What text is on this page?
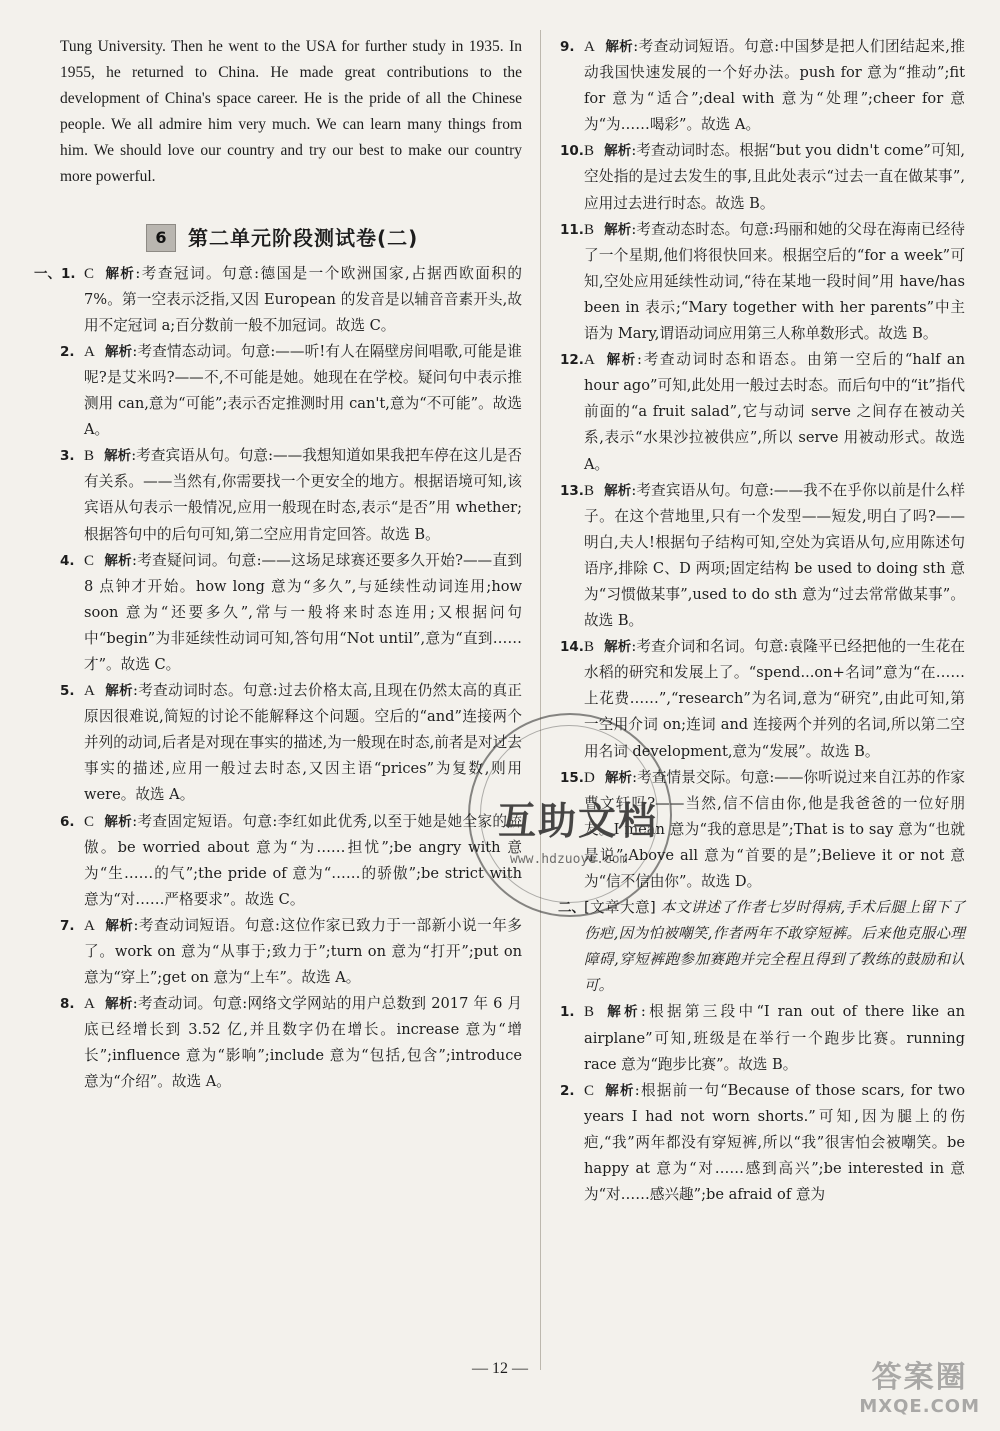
Tung University. Then he went to the USA for further study in 1935. In 1955, he returned to China. He made great contributions to the development of China's space career. He is the pride of all the Chinese people. We all admire him very much. We can learn many things from him. We should love our country and try our best to make our country more powerful.

6	第二单元阶段测试卷(二)

一、1. C 解析:考查冠词。句意:德国是一个欧洲国家,占据西欧面积的 7%。第一空表示泛指,又因 European 的发音是以辅音音素开头,故用不定冠词 a;百分数前一般不加冠词。故选 C。

2. A 解析:考查情态动词。句意:——听!有人在隔壁房间唱歌,可能是谁呢?是艾米吗?——不,不可能是她。她现在在学校。疑问句中表示推测用 can,意为“可能”;表示否定推测时用 can't,意为“不可能”。故选 A。

3. B 解析:考查宾语从句。句意:——我想知道如果我把车停在这儿是否有关系。——当然有,你需要找一个更安全的地方。根据语境可知,该宾语从句表示一般情况,应用一般现在时态,表示“是否”用 whether;根据答句中的后句可知,第二空应用肯定回答。故选 B。

4. C 解析:考查疑问词。句意:——这场足球赛还要多久开始?——直到 8 点钟才开始。how long 意为“多久”,与延续性动词连用;how soon 意为“还要多久”,常与一般将来时态连用;又根据问句中“begin”为非延续性动词可知,答句用“Not until”,意为“直到……才”。故选 C。

5. A 解析:考查动词时态。句意:过去价格太高,且现在仍然太高的真正原因很难说,简短的讨论不能解释这个问题。空后的“and”连接两个并列的动词,后者是对现在事实的描述,为一般现在时态,前者是对过去事实的描述,应用一般过去时态,又因主语“prices”为复数,则用 were。故选 A。

6. C 解析:考查固定短语。句意:李红如此优秀,以至于她是她全家的骄傲。be worried about 意为“为……担忧”;be angry with 意为“生……的气”;the pride of 意为“……的骄傲”;be strict with 意为“对……严格要求”。故选 C。

7. A 解析:考查动词短语。句意:这位作家已致力于一部新小说一年多了。work on 意为“从事于;致力于”;turn on 意为“打开”;put on 意为“穿上”;get on 意为“上车”。故选 A。

8. A 解析:考查动词。句意:网络文学网站的用户总数到 2017 年 6 月底已经增长到 3.52 亿,并且数字仍在增长。increase 意为“增长”;influence 意为“影响”;include 意为“包括,包含”;introduce 意为“介绍”。故选 A。

9. A 解析:考查动词短语。句意:中国梦是把人们团结起来,推动我国快速发展的一个好办法。push for 意为“推动”;fit for 意为“适合”;deal with 意为“处理”;cheer for 意为“为……喝彩”。故选 A。

10. B 解析:考查动词时态。根据“but you didn't come”可知,空处指的是过去发生的事,且此处表示“过去一直在做某事”,应用过去进行时态。故选 B。

11. B 解析:考查动态时态。句意:玛丽和她的父母在海南已经待了一个星期,他们将很快回来。根据空后的“for a week”可知,空处应用延续性动词,“待在某地一段时间”用 have/has been in 表示;“Mary together with her parents”中主语为 Mary,谓语动词应用第三人称单数形式。故选 B。

12. A 解析:考查动词时态和语态。由第一空后的“half an hour ago”可知,此处用一般过去时态。而后句中的“it”指代前面的“a fruit salad”,它与动词 serve 之间存在被动关系,表示“水果沙拉被供应”,所以 serve 用被动形式。故选 A。

13. B 解析:考查宾语从句。句意:——我不在乎你以前是什么样子。在这个营地里,只有一个发型——短发,明白了吗?——明白,夫人!根据句子结构可知,空处为宾语从句,应用陈述句语序,排除 C、D 两项;固定结构 be used to doing sth 意为“习惯做某事”,used to do sth 意为“过去常常做某事”。故选 B。

14. B 解析:考查介词和名词。句意:袁隆平已经把他的一生花在水稻的研究和发展上了。“spend...on+名词”意为“在……上花费……”,“research”为名词,意为“研究”,由此可知,第一空用介词 on;连词 and 连接两个并列的名词,所以第二空用名词 development,意为“发展”。故选 B。

15. D 解析:考查情景交际。句意:——你听说过来自江苏的作家曹文轩吗?——当然,信不信由你,他是我爸爸的一位好朋友。I mean 意为“我的意思是”;That is to say 意为“也就是说”;Above all 意为“首要的是”;Believe it or not 意为“信不信由你”。故选 D。

二、 [文章大意] 本文讲述了作者七岁时得病,手术后腿上留下了伤疤,因为怕被嘲笑,作者两年不敢穿短裤。后来他克服心理障碍,穿短裤跑参加赛跑并完全程且得到了教练的鼓励和认可。

1. B 解析:根据第三段中“I ran out of there like an airplane”可知,班级是在举行一个跑步比赛。running race 意为“跑步比赛”。故选 B。

2. C 解析:根据前一句“Because of those scars, for two years I had not worn shorts.”可知,因为腿上的伤疤,“我”两年都没有穿短裤,所以“我”很害怕会被嘲笑。be happy at 意为“对……感到高兴”;be interested in 意为“对……感兴趣”;be afraid of 意为

互助文档
www.hdzuoye.com
— 12 —	答案圈
MXQE.COM
